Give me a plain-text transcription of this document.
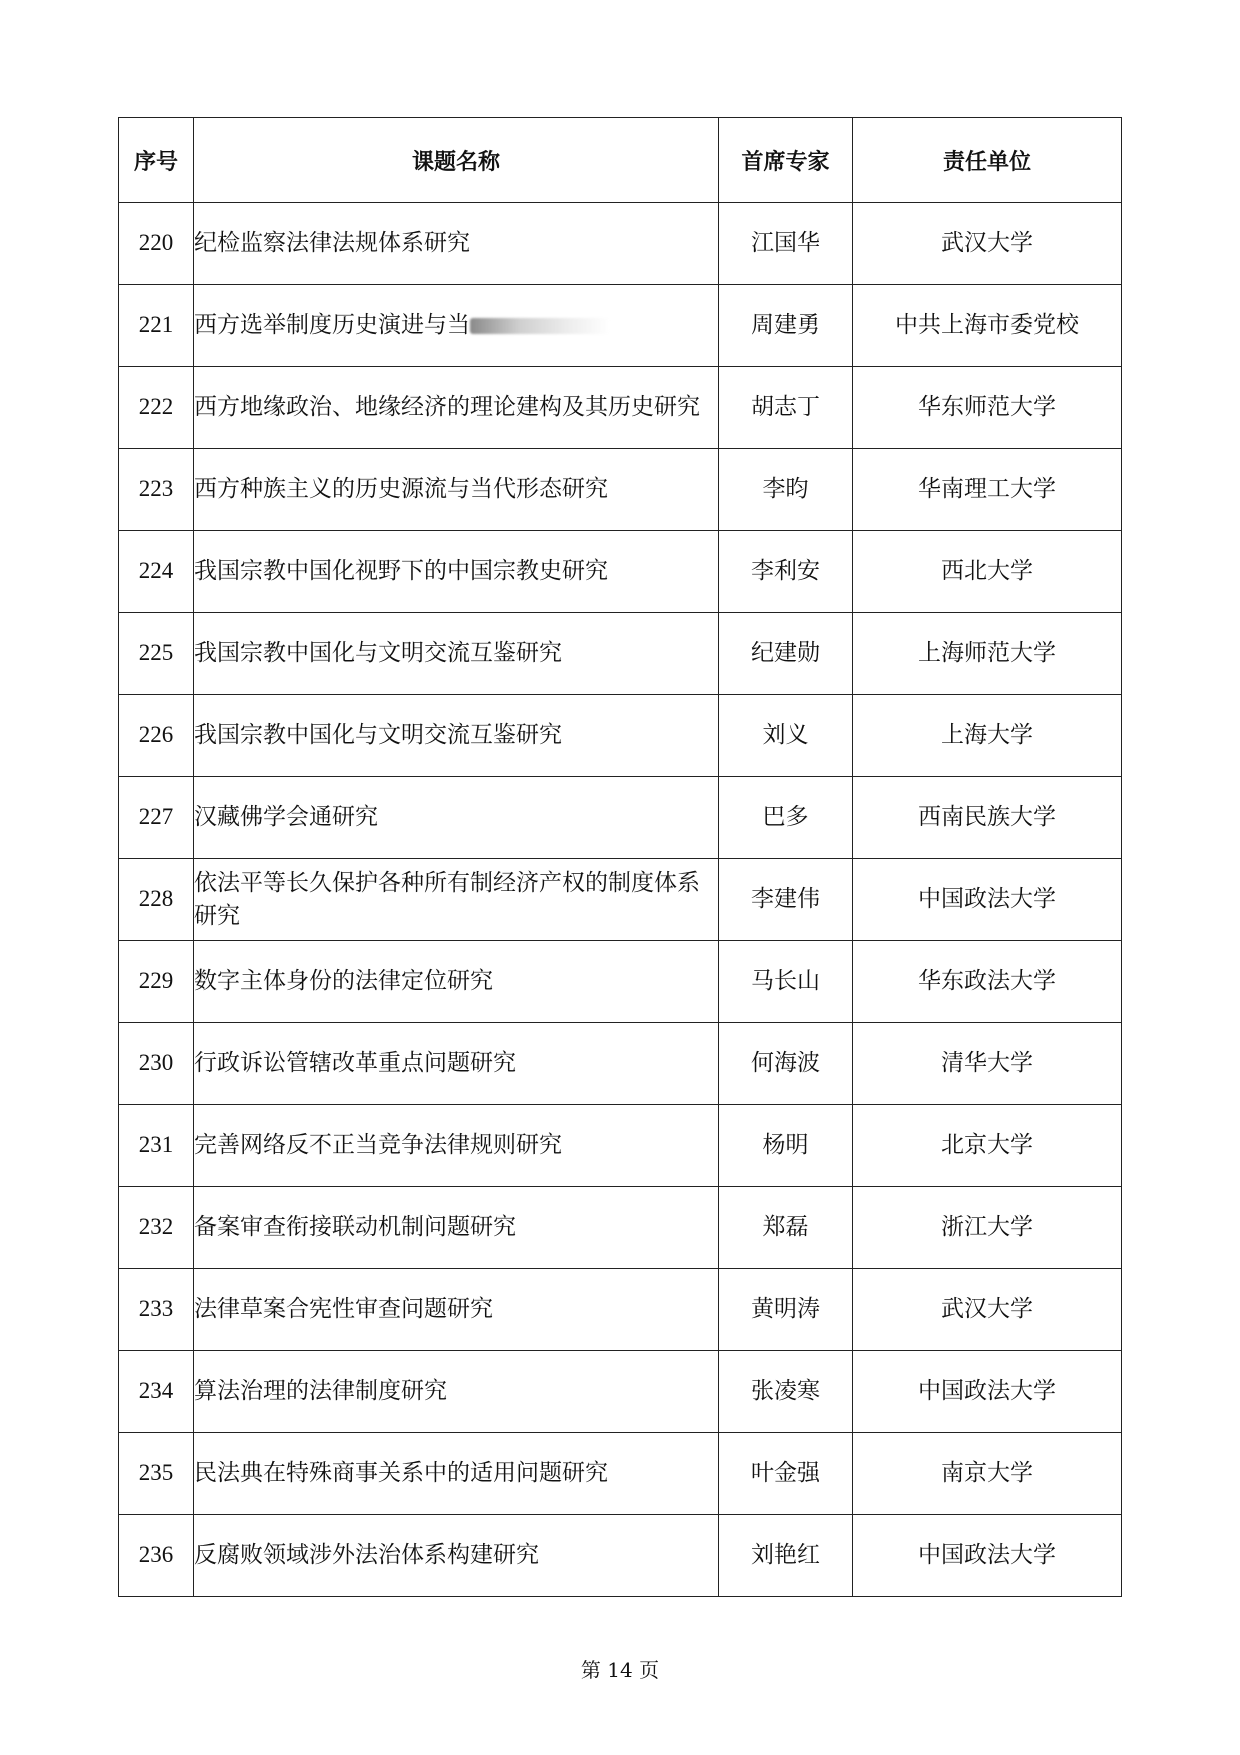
序号	课题名称	首席专家	责任单位
220	纪检监察法律法规体系研究	江国华	武汉大学
221	西方选举制度历史演进与当	周建勇	中共上海市委党校
222	西方地缘政治、地缘经济的理论建构及其历史研究	胡志丁	华东师范大学
223	西方种族主义的历史源流与当代形态研究	李昀	华南理工大学
224	我国宗教中国化视野下的中国宗教史研究	李利安	西北大学
225	我国宗教中国化与文明交流互鉴研究	纪建勋	上海师范大学
226	我国宗教中国化与文明交流互鉴研究	刘义	上海大学
227	汉藏佛学会通研究	巴多	西南民族大学
228	依法平等长久保护各种所有制经济产权的制度体系研究	李建伟	中国政法大学
229	数字主体身份的法律定位研究	马长山	华东政法大学
230	行政诉讼管辖改革重点问题研究	何海波	清华大学
231	完善网络反不正当竞争法律规则研究	杨明	北京大学
232	备案审查衔接联动机制问题研究	郑磊	浙江大学
233	法律草案合宪性审查问题研究	黄明涛	武汉大学
234	算法治理的法律制度研究	张凌寒	中国政法大学
235	民法典在特殊商事关系中的适用问题研究	叶金强	南京大学
236	反腐败领域涉外法治体系构建研究	刘艳红	中国政法大学
第 14 页
